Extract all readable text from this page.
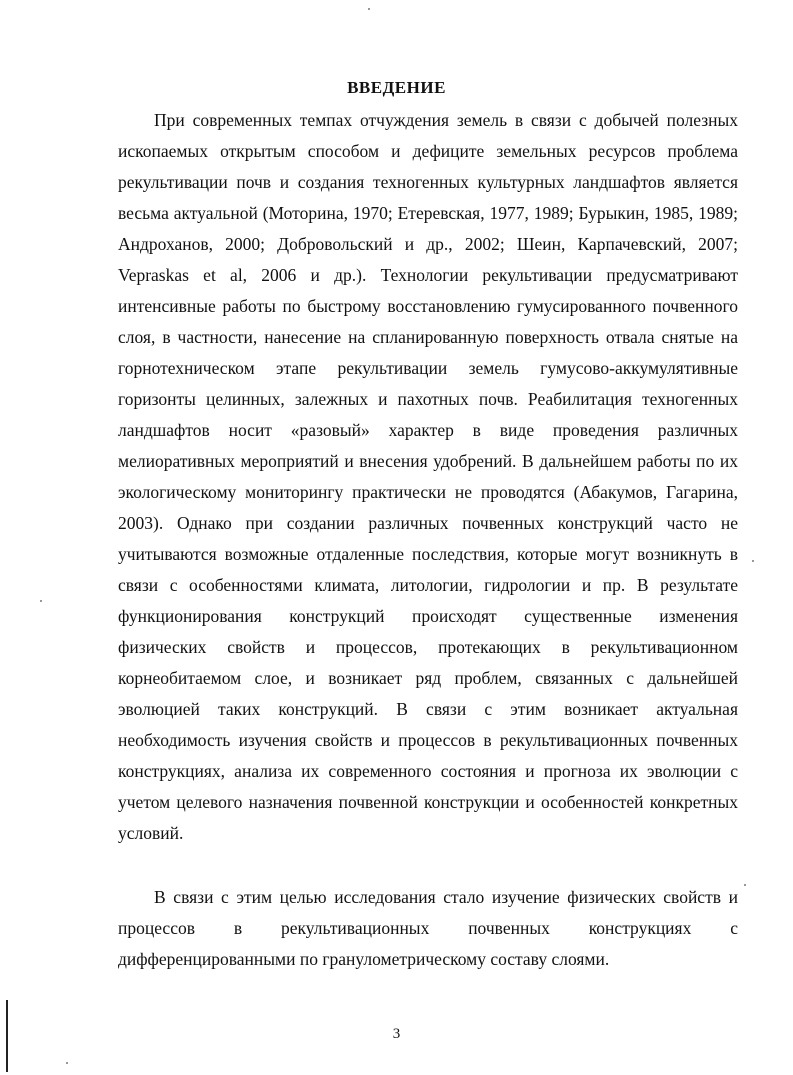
ВВЕДЕНИЕ

При современных темпах отчуждения земель в связи с добычей полезных ископаемых открытым способом и дефиците земельных ресурсов проблема рекультивации почв и создания техногенных культурных ландшафтов является весьма актуальной (Моторина, 1970; Етеревская, 1977, 1989; Бурыкин, 1985, 1989; Андроханов, 2000; Добровольский и др., 2002; Шеин, Карпачевский, 2007; Vepraskas et al, 2006 и др.). Технологии рекультивации предусматривают интенсивные работы по быстрому восстановлению гумусированного почвенного слоя, в частности, нанесение на спланированную поверхность отвала снятые на горнотехническом этапе рекультивации земель гумусово-аккумулятивные горизонты целинных, залежных и пахотных почв. Реабилитация техногенных ландшафтов носит «разовый» характер в виде проведения различных мелиоративных мероприятий и внесения удобрений. В дальнейшем работы по их экологическому мониторингу практически не проводятся (Абакумов, Гагарина, 2003). Однако при создании различных почвенных конструкций часто не учитываются возможные отдаленные последствия, которые могут возникнуть в связи с особенностями климата, литологии, гидрологии и пр. В результате функционирования конструкций происходят существенные изменения физических свойств и процессов, протекающих в рекультивационном корнеобитаемом слое, и возникает ряд проблем, связанных с дальнейшей эволюцией таких конструкций. В связи с этим возникает актуальная необходимость изучения свойств и процессов в рекультивационных почвенных конструкциях, анализа их современного состояния и прогноза их эволюции с учетом целевого назначения почвенной конструкции и особенностей конкретных условий.

В связи с этим целью исследования стало изучение физических свойств и процессов в рекультивационных почвенных конструкциях с дифференцированными по гранулометрическому составу слоями.

3
